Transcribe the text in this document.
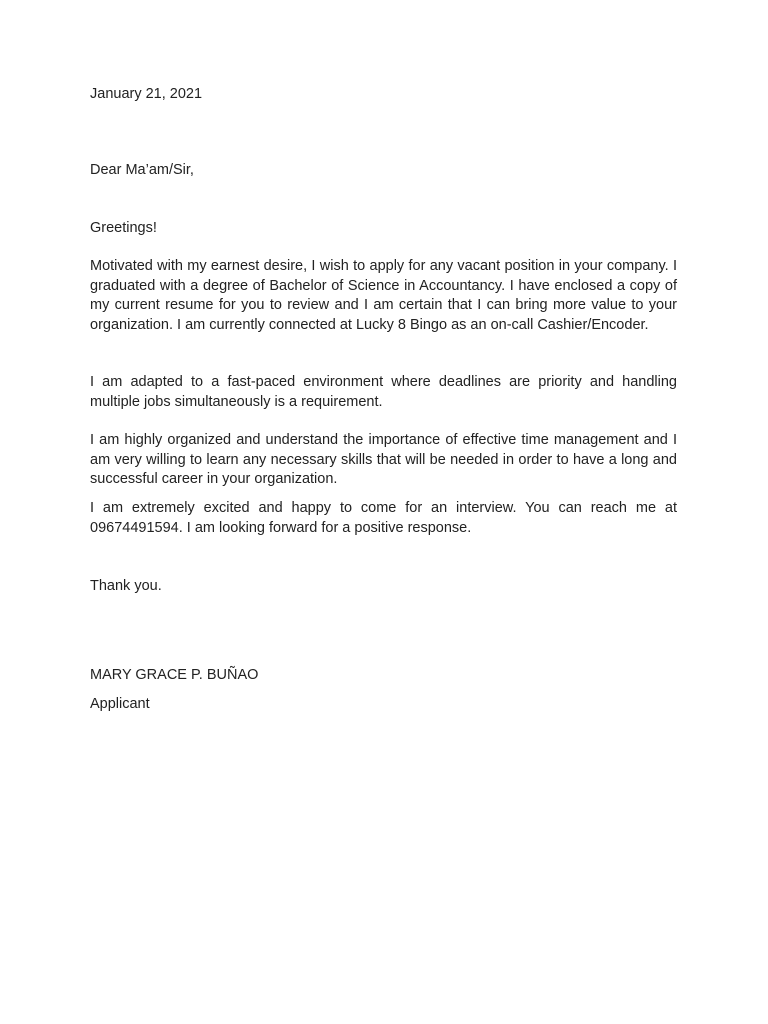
January 21, 2021

Dear Ma’am/Sir,

Greetings!

Motivated with my earnest desire, I wish to apply for any vacant position in your company. I graduated with a degree of Bachelor of Science in Accountancy. I have enclosed a copy of my current resume for you to review and I am certain that I can bring more value to your organization. I am currently connected at Lucky 8 Bingo as an on-call Cashier/Encoder.

I am adapted to a fast-paced environment where deadlines are priority and handling multiple jobs simultaneously is a requirement.

I am highly organized and understand the importance of effective time management and I am very willing to learn any necessary skills that will be needed in order to have a long and successful career in your organization.

I am extremely excited and happy to come for an interview. You can reach me at 09674491594. I am looking forward for a positive response.

Thank you.

MARY GRACE P. BUÑAO

Applicant
